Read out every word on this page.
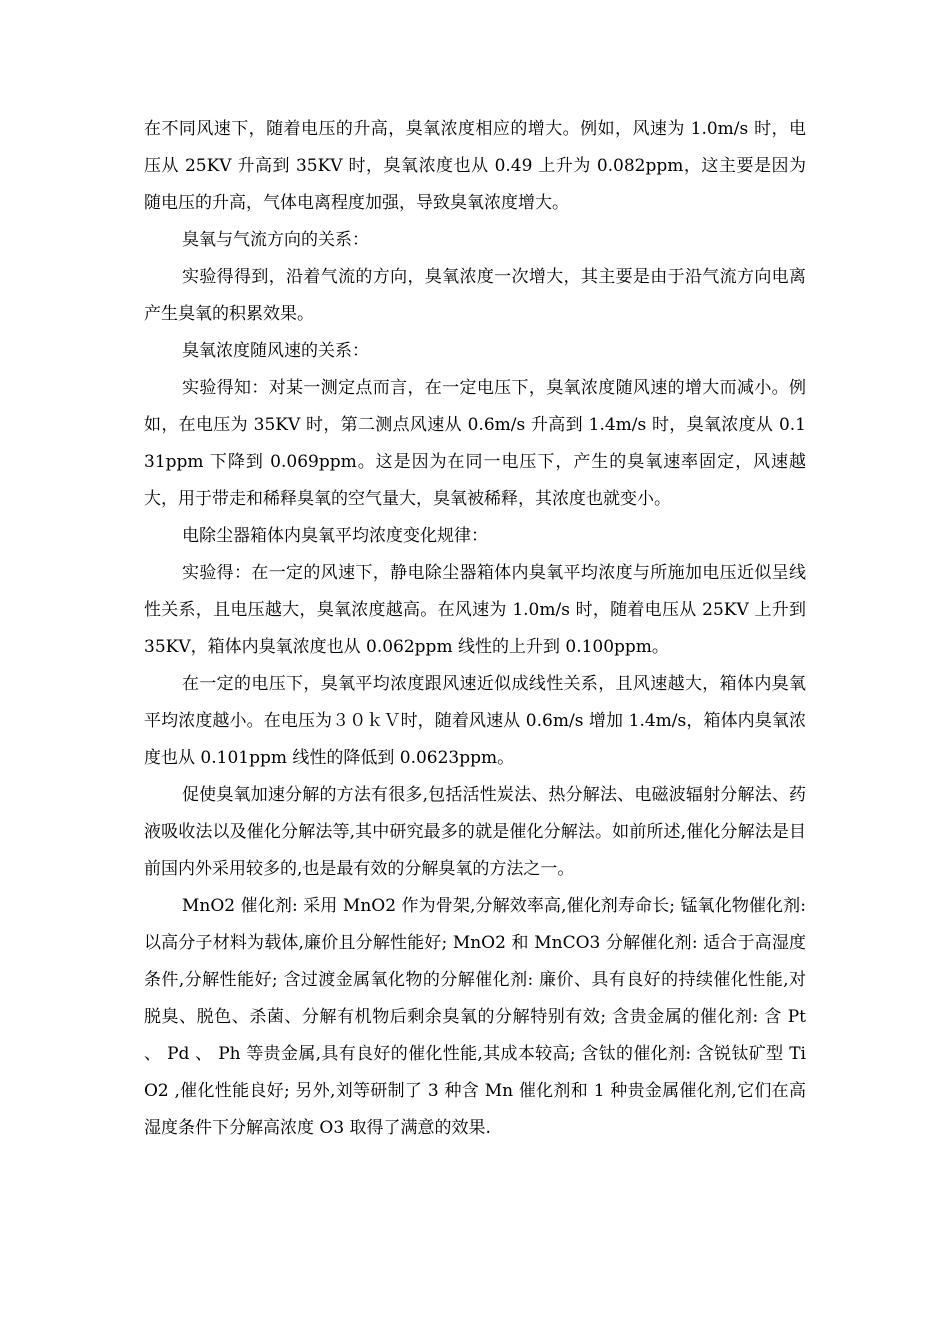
在不同风速下，随着电压的升高，臭氧浓度相应的增大。例如，风速为 1.0m/s 时，电压从 25KV 升高到 35KV 时，臭氧浓度也从 0.49 上升为 0.082ppm，这主要是因为随电压的升高，气体电离程度加强，导致臭氧浓度增大。

臭氧与气流方向的关系：

实验得得到，沿着气流的方向，臭氧浓度一次增大，其主要是由于沿气流方向电离产生臭氧的积累效果。

臭氧浓度随风速的关系：

实验得知：对某一测定点而言，在一定电压下，臭氧浓度随风速的增大而减小。例如，在电压为 35KV 时，第二测点风速从 0.6m/s 升高到 1.4m/s 时，臭氧浓度从 0.131ppm 下降到 0.069ppm。这是因为在同一电压下，产生的臭氧速率固定，风速越大，用于带走和稀释臭氧的空气量大，臭氧被稀释，其浓度也就变小。

电除尘器箱体内臭氧平均浓度变化规律：

实验得：在一定的风速下，静电除尘器箱体内臭氧平均浓度与所施加电压近似呈线性关系，且电压越大，臭氧浓度越高。在风速为 1.0m/s 时，随着电压从 25KV 上升到 35KV，箱体内臭氧浓度也从 0.062ppm 线性的上升到 0.100ppm。

在一定的电压下，臭氧平均浓度跟风速近似成线性关系，且风速越大，箱体内臭氧平均浓度越小。在电压为３０ｋＶ时，随着风速从 0.6m/s 增加 1.4m/s，箱体内臭氧浓度也从 0.101ppm 线性的降低到 0.0623ppm。

促使臭氧加速分解的方法有很多,包括活性炭法、热分解法、电磁波辐射分解法、药液吸收法以及催化分解法等,其中研究最多的就是催化分解法。如前所述,催化分解法是目前国内外采用较多的,也是最有效的分解臭氧的方法之一。

MnO2 催化剂: 采用 MnO2 作为骨架,分解效率高,催化剂寿命长; 锰氧化物催化剂: 以高分子材料为载体,廉价且分解性能好; MnO2 和 MnCO3 分解催化剂: 适合于高湿度条件,分解性能好; 含过渡金属氧化物的分解催化剂: 廉价、具有良好的持续催化性能,对脱臭、脱色、杀菌、分解有机物后剩余臭氧的分解特别有效; 含贵金属的催化剂: 含 Pt 、 Pd 、 Ph 等贵金属,具有良好的催化性能,其成本较高; 含钛的催化剂: 含锐钛矿型 TiO2 ,催化性能良好; 另外,刘等研制了 3 种含 Mn 催化剂和 1 种贵金属催化剂,它们在高湿度条件下分解高浓度 O3 取得了满意的效果.
